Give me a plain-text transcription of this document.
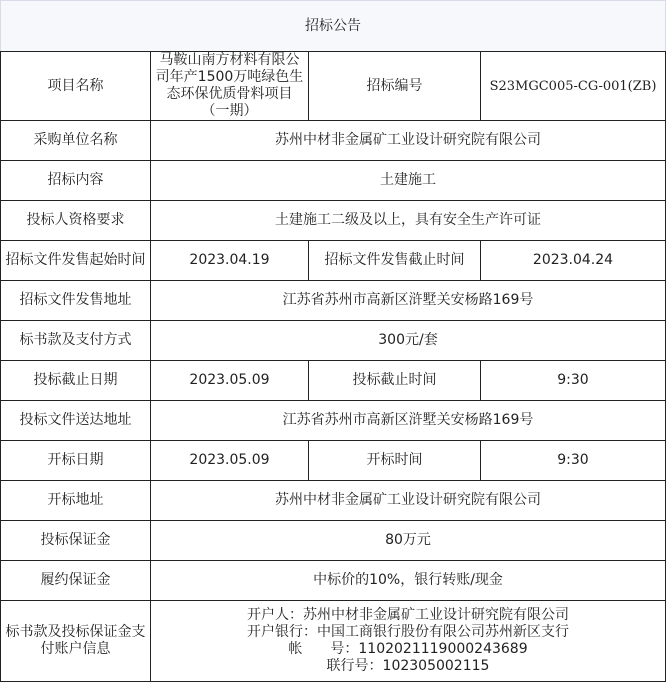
招标公告
项目名称	马鞍山南方材料有限公司年产1500万吨绿色生态环保优质骨料项目（一期）	招标编号	S23MGC005-CG-001(ZB)
采购单位名称	苏州中材非金属矿工业设计研究院有限公司		
招标内容	土建施工		
投标人资格要求	土建施工二级及以上，具有安全生产许可证		
招标文件发售起始时间	2023.04.19	招标文件发售截止时间	2023.04.24
招标文件发售地址	江苏省苏州市高新区浒墅关安杨路169号		
标书款及支付方式	300元/套		
投标截止日期	2023.05.09	投标截止时间	9:30
投标文件送达地址	江苏省苏州市高新区浒墅关安杨路169号		
开标日期	2023.05.09	开标时间	9:30
开标地址	苏州中材非金属矿工业设计研究院有限公司		
投标保证金	80万元		
履约保证金	中标价的10%，银行转账/现金		
标书款及投标保证金支付账户信息	开户人：苏州中材非金属矿工业设计研究院有限公司
开户银行：中国工商银行股份有限公司苏州新区支行
帐　　号：1102021119000243689
联行号：102305002115		
